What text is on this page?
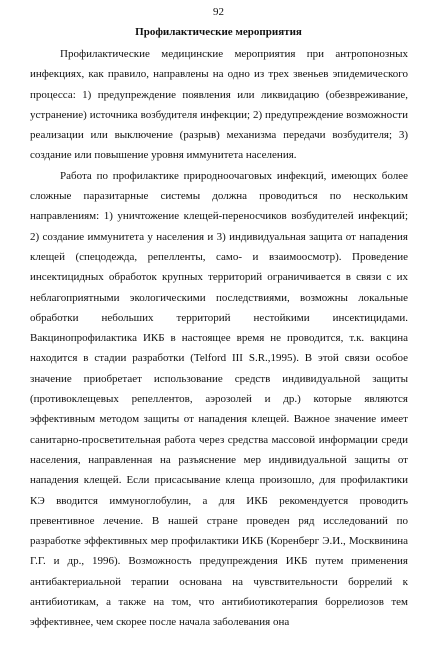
92
Профилактические мероприятия

Профилактические медицинские мероприятия при антропонозных инфекциях, как правило, направлены на одно из трех звеньев эпидемического процесса: 1) предупреждение появления или ликвидацию (обезвреживание, устранение) источника возбудителя инфекции; 2) предупреждение возможности реализации или выключение (разрыв) механизма передачи возбудителя; 3) создание или повышение уровня иммунитета населения.

Работа по профилактике природноочаговых инфекций, имеющих более сложные паразитарные системы должна проводиться по нескольким направлениям: 1) уничтожение клещей-переносчиков возбудителей инфекций; 2) создание иммунитета у населения и 3) индивидуальная защита от нападения клещей (спецодежда, репелленты, само- и взаимоосмотр). Проведение инсектицидных обработок крупных территорий ограничивается в связи с их неблагоприятными экологическими последствиями, возможны локальные обработки небольших территорий нестойкими инсектицидами. Вакцинопрофилактика ИКБ в настоящее время не проводится, т.к. вакцина находится в стадии разработки (Telford III S.R.,1995). В этой связи особое значение приобретает использование средств индивидуальной защиты (противоклещевых репеллентов, аэрозолей и др.) которые являются эффективным методом защиты от нападения клещей. Важное значение имеет санитарно-просветительная работа через средства массовой информации среди населения, направленная на разъяснение мер индивидуальной защиты от нападения клещей. Если присасывание клеща произошло, для профилактики КЭ вводится иммуноглобулин, а для ИКБ рекомендуется проводить превентивное лечение. В нашей стране проведен ряд исследований по разработке эффективных мер профилактики ИКБ (Коренберг Э.И., Москвинина Г.Г. и др., 1996). Возможность предупреждения ИКБ путем применения антибактериальной терапии основана на чувствительности боррелий к антибиотикам, а также на том, что антибиотикотерапия боррелиозов тем эффективнее, чем скорее после начала заболевания она
